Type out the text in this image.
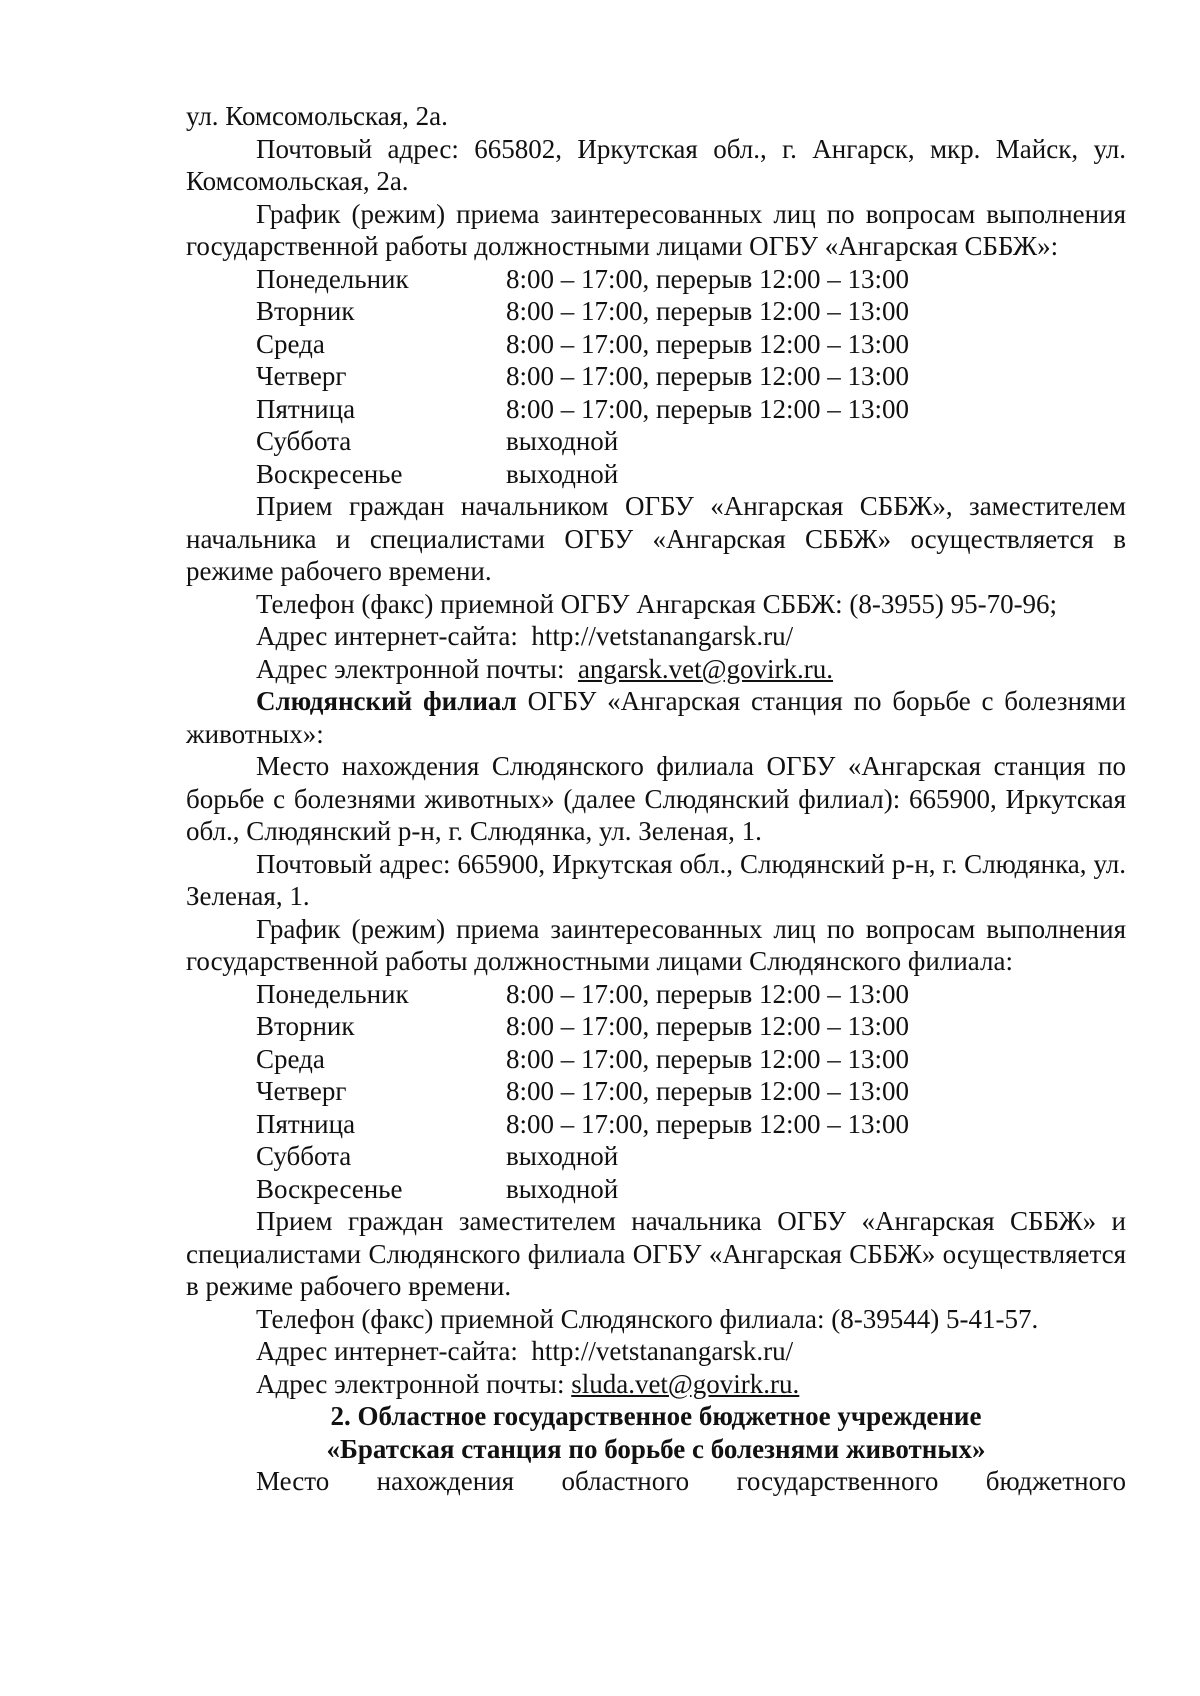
ул. Комсомольская, 2а.

Почтовый адрес: 665802, Иркутская обл., г. Ангарск, мкр. Майск, ул. Комсомольская, 2а.

График (режим) приема заинтересованных лиц по вопросам выполнения государственной работы должностными лицами ОГБУ «Ангарская СББЖ»:

Понедельник	8:00 – 17:00, перерыв 12:00 – 13:00
Вторник	8:00 – 17:00, перерыв 12:00 – 13:00
Среда	8:00 – 17:00, перерыв 12:00 – 13:00
Четверг	8:00 – 17:00, перерыв 12:00 – 13:00
Пятница	8:00 – 17:00, перерыв 12:00 – 13:00
Суббота	выходной
Воскресенье	выходной

Прием граждан начальником ОГБУ «Ангарская СББЖ», заместителем начальника и специалистами ОГБУ «Ангарская СББЖ» осуществляется в режиме рабочего времени.

Телефон (факс) приемной ОГБУ Ангарская СББЖ: (8-3955) 95-70-96;

Адрес интернет-сайта: http://vetstanangarsk.ru/

Адрес электронной почты: angarsk.vet@govirk.ru.

Слюдянский филиал ОГБУ «Ангарская станция по борьбе с болезнями животных»:

Место нахождения Слюдянского филиала ОГБУ «Ангарская станция по борьбе с болезнями животных» (далее Слюдянский филиал): 665900, Иркутская обл., Слюдянский р-н, г. Слюдянка, ул. Зеленая, 1.

Почтовый адрес: 665900, Иркутская обл., Слюдянский р-н, г. Слюдянка, ул. Зеленая, 1.

График (режим) приема заинтересованных лиц по вопросам выполнения государственной работы должностными лицами Слюдянского филиала:

Понедельник	8:00 – 17:00, перерыв 12:00 – 13:00
Вторник	8:00 – 17:00, перерыв 12:00 – 13:00
Среда	8:00 – 17:00, перерыв 12:00 – 13:00
Четверг	8:00 – 17:00, перерыв 12:00 – 13:00
Пятница	8:00 – 17:00, перерыв 12:00 – 13:00
Суббота	выходной
Воскресенье	выходной

Прием граждан заместителем начальника ОГБУ «Ангарская СББЖ» и специалистами Слюдянского филиала ОГБУ «Ангарская СББЖ» осуществляется в режиме рабочего времени.

Телефон (факс) приемной Слюдянского филиала: (8-39544) 5-41-57.

Адрес интернет-сайта: http://vetstanangarsk.ru/

Адрес электронной почты: sluda.vet@govirk.ru.

2. Областное государственное бюджетное учреждение

«Братская станция по борьбе с болезнями животных»

Место нахождения областного государственного бюджетного
